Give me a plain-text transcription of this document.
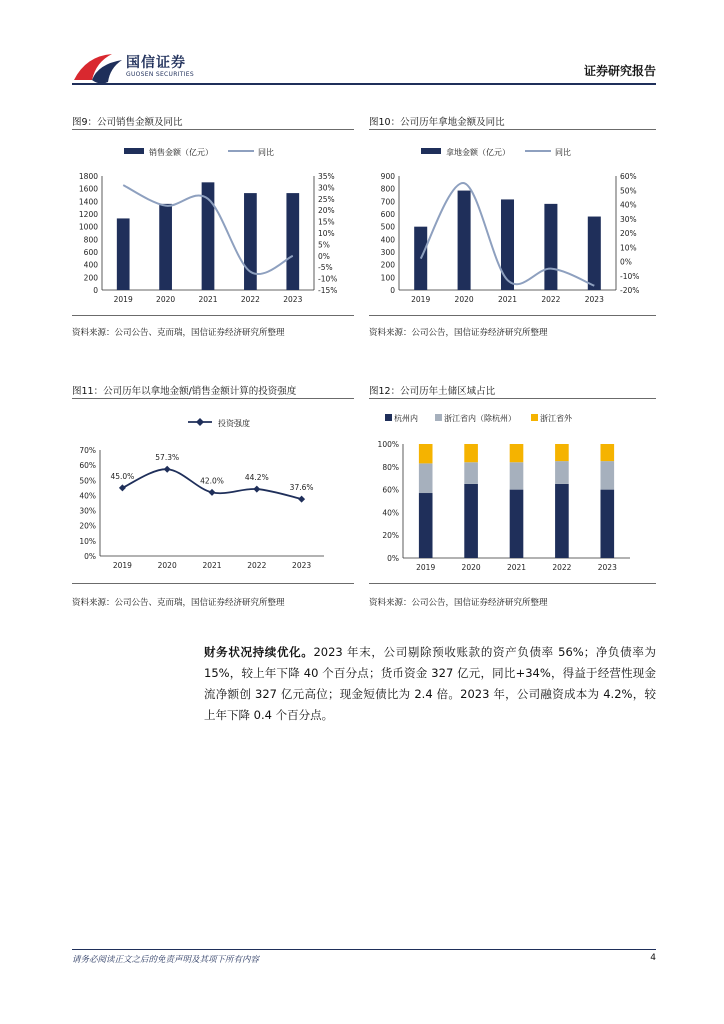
国信证券
GUOSEN SECURITIES	证券研究报告
图9：公司销售金额及同比
销售金额（亿元）	同比
0
200
400
600
800
1000
1200
1400
1600
1800
-15%
-10%
-5%
0%
5%
10%
15%
20%
25%
30%
35%
2019	2020	2021	2022	2023
资料来源：公司公告、克而瑞，国信证券经济研究所整理
图10：公司历年拿地金额及同比
拿地金额（亿元）	同比
0
100
200
300
400
500
600
700
800
900
-20%
-10%
0%
10%
20%
30%
40%
50%
60%
2019	2020	2021	2022	2023
资料来源：公司公告，国信证券经济研究所整理
图11：公司历年以拿地金额/销售金额计算的投资强度
投资强度
0%
10%
20%
30%
40%
50%
60%
70%
45.0%
2019
57.3%
2020
42.0%
2021
44.2%
2022
37.6%
2023
资料来源：公司公告、克而瑞，国信证券经济研究所整理
图12：公司历年土储区域占比
杭州内	浙江省内（除杭州）	浙江省外
0%
20%
40%
60%
80%
100%
2019	2020	2021	2022	2023
资料来源：公司公告，国信证券经济研究所整理
财务状况持续优化。2023 年末，公司剔除预收账款的资产负债率 56%；净负债率为 15%，较上年下降 40 个百分点；货币资金 327 亿元，同比+34%，得益于经营性现金流净额创 327 亿元高位；现金短债比为 2.4 倍。2023 年，公司融资成本为 4.2%，较上年下降 0.4 个百分点。
请务必阅读正文之后的免责声明及其项下所有内容	4
